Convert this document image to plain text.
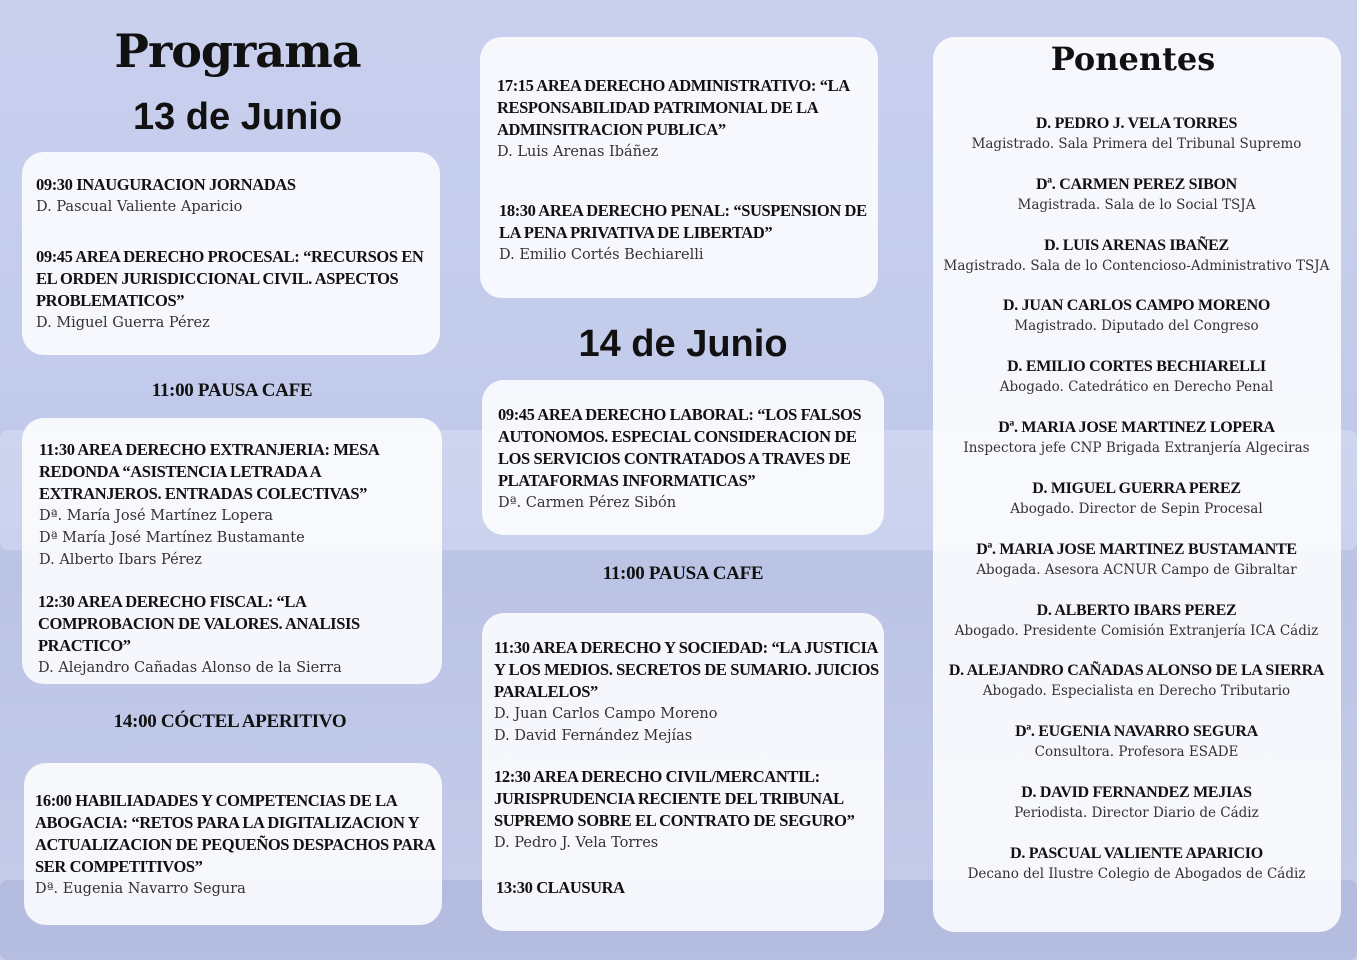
Programa
13 de Junio
09:30 INAUGURACION JORNADAS
D. Pascual Valiente Aparicio
09:45 AREA DERECHO PROCESAL: “RECURSOS EN EL ORDEN JURISDICCIONAL CIVIL. ASPECTOS PROBLEMATICOS”
D. Miguel Guerra Pérez
11:00 PAUSA CAFE
11:30 AREA DERECHO EXTRANJERIA: MESA REDONDA “ASISTENCIA LETRADA A EXTRANJEROS. ENTRADAS COLECTIVAS”
Dª. María José Martínez Lopera
Dª María José Martínez Bustamante
D. Alberto Ibars Pérez
12:30 AREA DERECHO FISCAL: “LA COMPROBACION DE VALORES. ANALISIS PRACTICO”
D. Alejandro Cañadas Alonso de la Sierra
14:00 CÓCTEL APERITIVO
16:00 HABILIADADES Y COMPETENCIAS DE LA ABOGACIA: “RETOS PARA LA DIGITALIZACION Y ACTUALIZACION DE PEQUEÑOS DESPACHOS PARA SER COMPETITIVOS”
Dª. Eugenia Navarro Segura
17:15 AREA DERECHO ADMINISTRATIVO: “LA RESPONSABILIDAD PATRIMONIAL DE LA ADMINSITRACION PUBLICA”
D. Luis Arenas Ibáñez
18:30 AREA DERECHO PENAL: “SUSPENSION DE LA PENA PRIVATIVA DE LIBERTAD”
D. Emilio Cortés Bechiarelli
14 de Junio
09:45 AREA DERECHO LABORAL: “LOS FALSOS AUTONOMOS. ESPECIAL CONSIDERACION DE LOS SERVICIOS CONTRATADOS A TRAVES DE PLATAFORMAS INFORMATICAS”
Dª. Carmen Pérez Sibón
11:00 PAUSA CAFE
11:30 AREA DERECHO Y SOCIEDAD: “LA JUSTICIA Y LOS MEDIOS. SECRETOS DE SUMARIO. JUICIOS PARALELOS”
D. Juan Carlos Campo Moreno
D. David Fernández Mejías
12:30 AREA DERECHO CIVIL/MERCANTIL: JURISPRUDENCIA RECIENTE DEL TRIBUNAL SUPREMO SOBRE EL CONTRATO DE SEGURO”
D. Pedro J. Vela Torres
13:30 CLAUSURA
Ponentes
D. PEDRO J. VELA TORRES
Magistrado. Sala Primera del Tribunal Supremo
Dª. CARMEN PEREZ SIBON
Magistrada. Sala de lo Social TSJA
D. LUIS ARENAS IBAÑEZ
Magistrado. Sala de lo Contencioso-Administrativo TSJA
D. JUAN CARLOS CAMPO MORENO
Magistrado. Diputado del Congreso
D. EMILIO CORTES BECHIARELLI
Abogado. Catedrático en Derecho Penal
Dª. MARIA JOSE MARTINEZ LOPERA
Inspectora jefe CNP Brigada Extranjería Algeciras
D. MIGUEL GUERRA PEREZ
Abogado. Director de Sepin Procesal
Dª. MARIA JOSE MARTINEZ BUSTAMANTE
Abogada. Asesora ACNUR Campo de Gibraltar
D. ALBERTO IBARS PEREZ
Abogado. Presidente Comisión Extranjería ICA Cádiz
D. ALEJANDRO CAÑADAS ALONSO DE LA SIERRA
Abogado. Especialista en Derecho Tributario
Dª. EUGENIA NAVARRO SEGURA
Consultora. Profesora ESADE
D. DAVID FERNANDEZ MEJIAS
Periodista. Director Diario de Cádiz
D. PASCUAL VALIENTE APARICIO
Decano del Ilustre Colegio de Abogados de Cádiz
